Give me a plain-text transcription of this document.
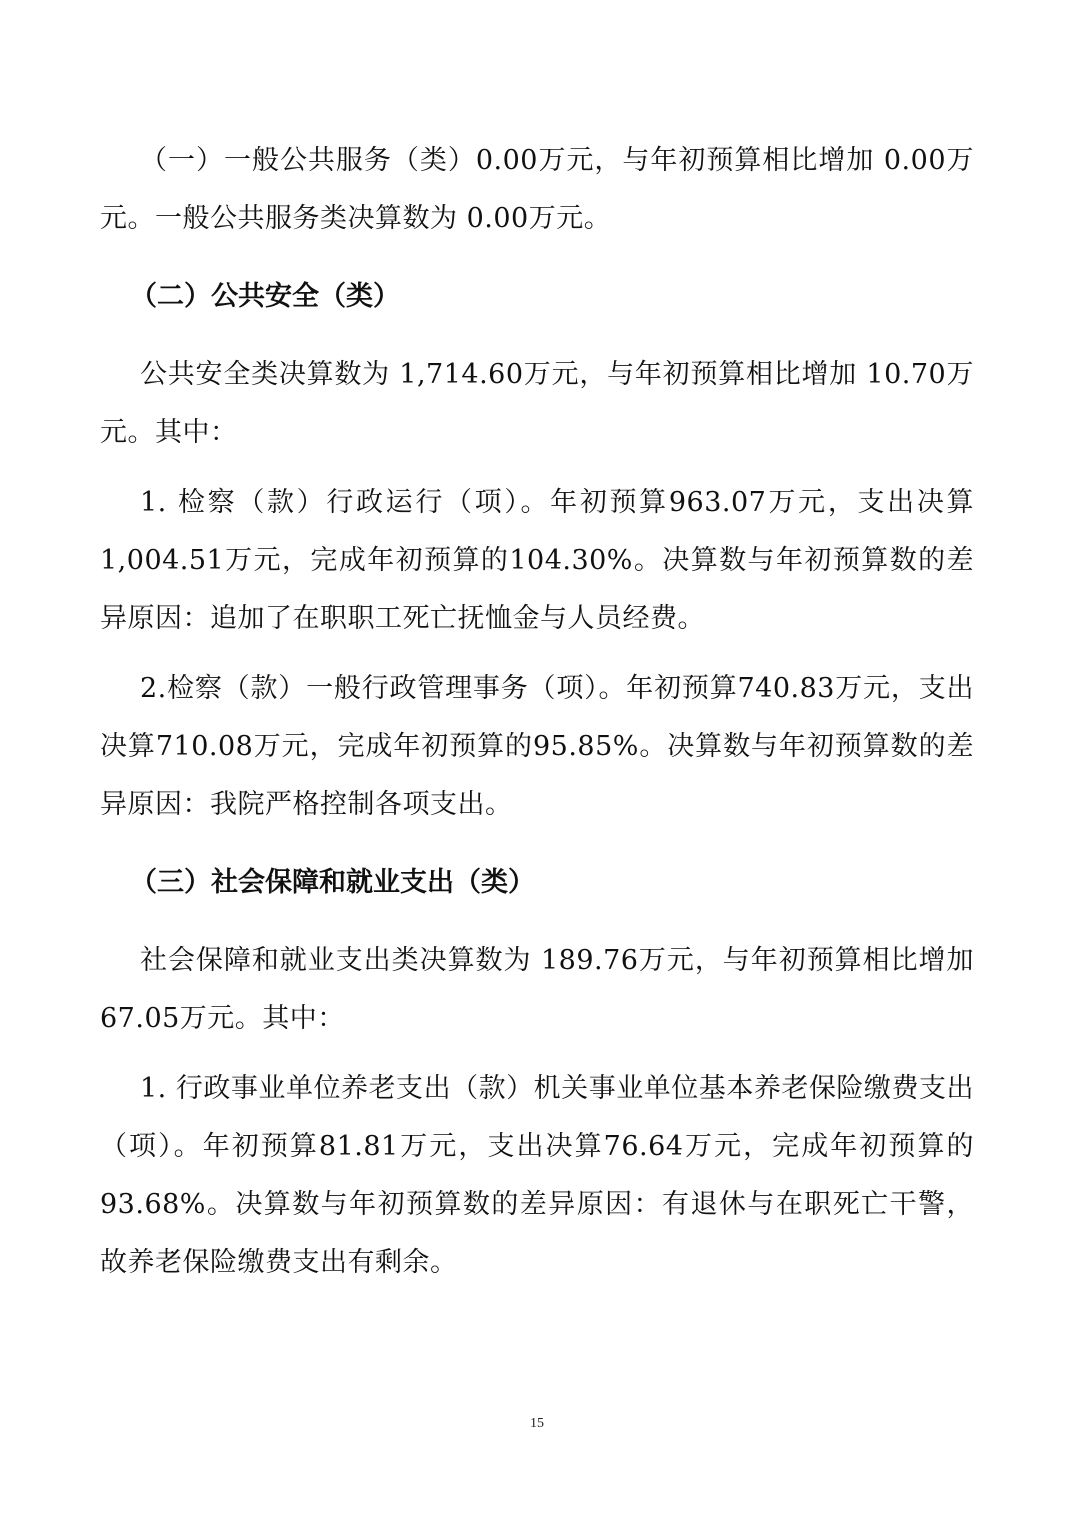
（一）一般公共服务（类）0.00万元，与年初预算相比增加 0.00万元。一般公共服务类决算数为 0.00万元。

（二）公共安全（类）

公共安全类决算数为 1,714.60万元，与年初预算相比增加 10.70万元。其中：

1. 检察（款）行政运行（项）。年初预算963.07万元，支出决算1,004.51万元，完成年初预算的104.30%。决算数与年初预算数的差异原因：追加了在职职工死亡抚恤金与人员经费。

2.检察（款）一般行政管理事务（项）。年初预算740.83万元，支出决算710.08万元，完成年初预算的95.85%。决算数与年初预算数的差异原因：我院严格控制各项支出。

（三）社会保障和就业支出（类）

社会保障和就业支出类决算数为 189.76万元，与年初预算相比增加67.05万元。其中：

1. 行政事业单位养老支出（款）机关事业单位基本养老保险缴费支出（项）。年初预算81.81万元，支出决算76.64万元，完成年初预算的93.68%。决算数与年初预算数的差异原因：有退休与在职死亡干警，故养老保险缴费支出有剩余。

15
